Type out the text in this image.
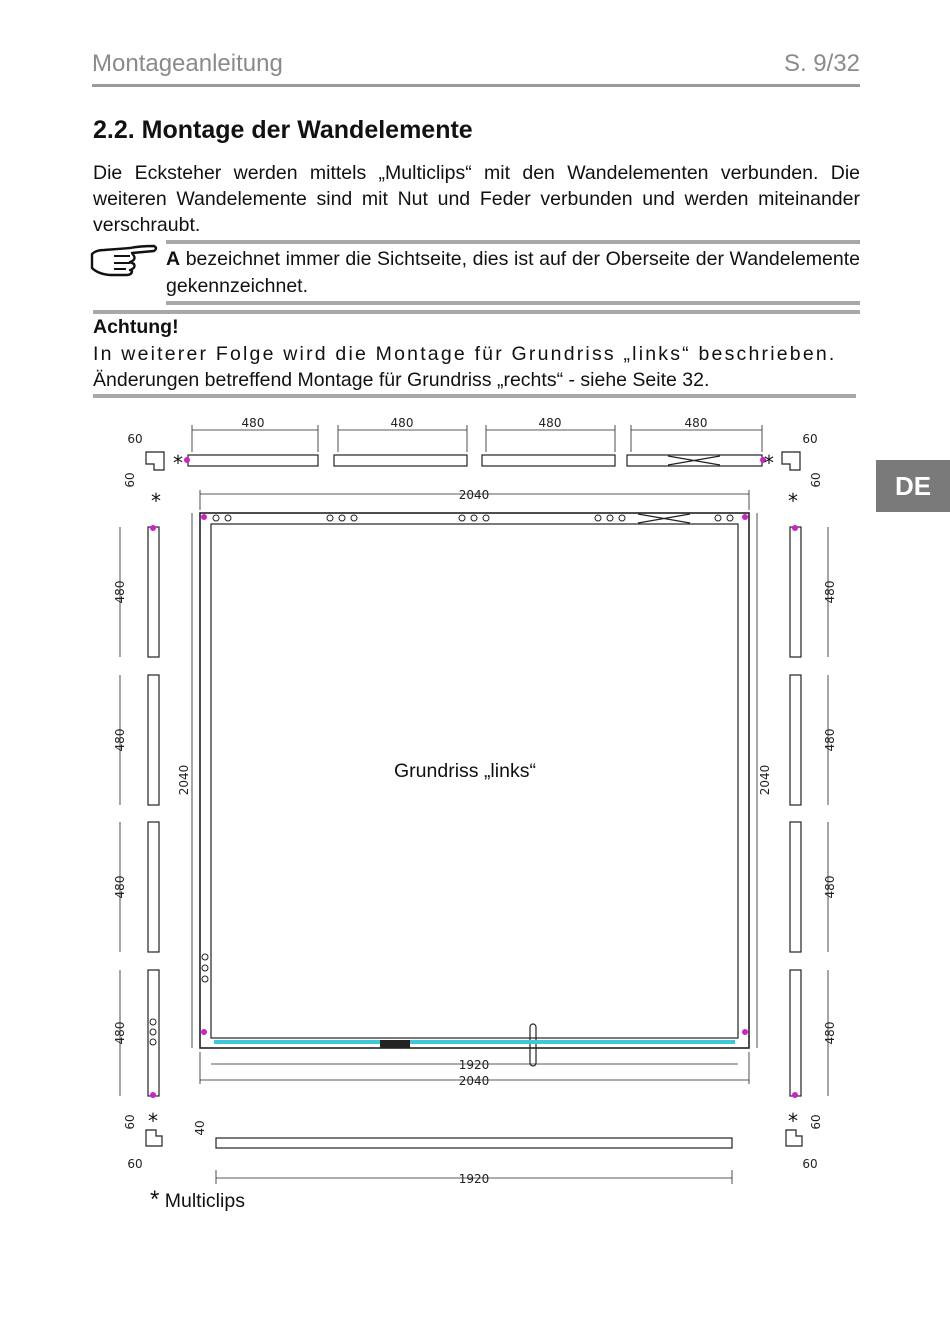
Montageanleitung	S. 9/32
2.2. Montage der Wandelemente
Die Ecksteher werden mittels „Multiclips“ mit den Wandelementen verbunden. Die weiteren Wandelemente sind mit Nut und Feder verbunden und werden miteinander verschraubt.
A bezeichnet immer die Sichtseite, dies ist auf der Oberseite der Wandelemente gekennzeichnet.
Achtung!
In weiterer Folge wird die Montage für Grundriss „links“ beschrieben.
Änderungen betreffend Montage für Grundriss „rechts“ - siehe Seite 32.
DE
480	480	480	480
60	60
2040
1920
2040
1920
60	60
480
480
480
480
2040	2040
480
480
480
480
60	60
60	60
40
*	*
*	*
*	*
Grundriss „links“
* Multiclips
